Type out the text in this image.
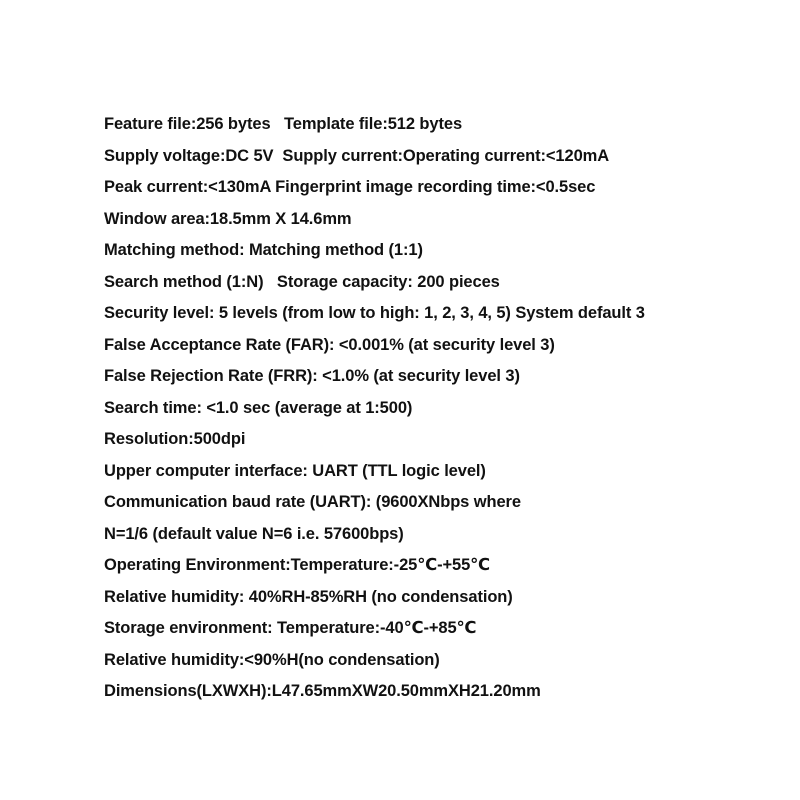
Feature file:256 bytes   Template file:512 bytes
Supply voltage:DC 5V  Supply current:Operating current:<120mA
Peak current:<130mA Fingerprint image recording time:<0.5sec
Window area:18.5mm X 14.6mm
Matching method: Matching method (1:1)
Search method (1:N)   Storage capacity: 200 pieces
Security level: 5 levels (from low to high: 1, 2, 3, 4, 5) System default 3
False Acceptance Rate (FAR): <0.001% (at security level 3)
False Rejection Rate (FRR): <1.0% (at security level 3)
Search time: <1.0 sec (average at 1:500)
Resolution:500dpi
Upper computer interface: UART (TTL logic level)
Communication baud rate (UART): (9600XNbps where
N=1/6 (default value N=6 i.e. 57600bps)
Operating Environment:Temperature:-25℃-+55℃
Relative humidity: 40%RH-85%RH (no condensation)
Storage environment: Temperature:-40℃-+85℃
Relative humidity:<90%H(no condensation)
Dimensions(LXWXH):L47.65mmXW20.50mmXH21.20mm
